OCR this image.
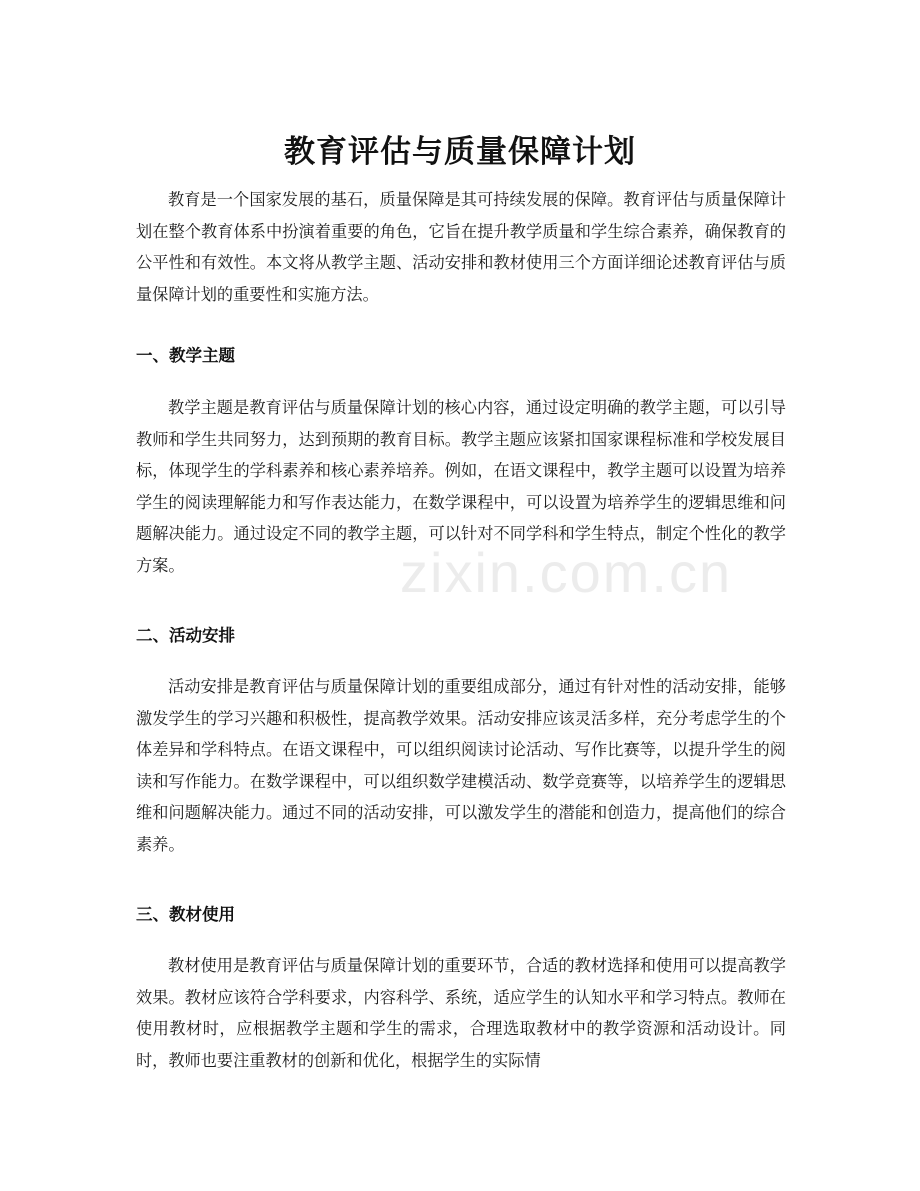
教育评估与质量保障计划

教育是一个国家发展的基石，质量保障是其可持续发展的保障。教育评估与质量保障计划在整个教育体系中扮演着重要的角色，它旨在提升教学质量和学生综合素养，确保教育的公平性和有效性。本文将从教学主题、活动安排和教材使用三个方面详细论述教育评估与质量保障计划的重要性和实施方法。

一、教学主题

教学主题是教育评估与质量保障计划的核心内容，通过设定明确的教学主题，可以引导教师和学生共同努力，达到预期的教育目标。教学主题应该紧扣国家课程标准和学校发展目标，体现学生的学科素养和核心素养培养。例如，在语文课程中，教学主题可以设置为培养学生的阅读理解能力和写作表达能力，在数学课程中，可以设置为培养学生的逻辑思维和问题解决能力。通过设定不同的教学主题，可以针对不同学科和学生特点，制定个性化的教学方案。

二、活动安排

活动安排是教育评估与质量保障计划的重要组成部分，通过有针对性的活动安排，能够激发学生的学习兴趣和积极性，提高教学效果。活动安排应该灵活多样，充分考虑学生的个体差异和学科特点。在语文课程中，可以组织阅读讨论活动、写作比赛等，以提升学生的阅读和写作能力。在数学课程中，可以组织数学建模活动、数学竞赛等，以培养学生的逻辑思维和问题解决能力。通过不同的活动安排，可以激发学生的潜能和创造力，提高他们的综合素养。

三、教材使用

教材使用是教育评估与质量保障计划的重要环节，合适的教材选择和使用可以提高教学效果。教材应该符合学科要求，内容科学、系统，适应学生的认知水平和学习特点。教师在使用教材时，应根据教学主题和学生的需求，合理选取教材中的教学资源和活动设计。同时，教师也要注重教材的创新和优化，根据学生的实际情

zixin.com.cn
